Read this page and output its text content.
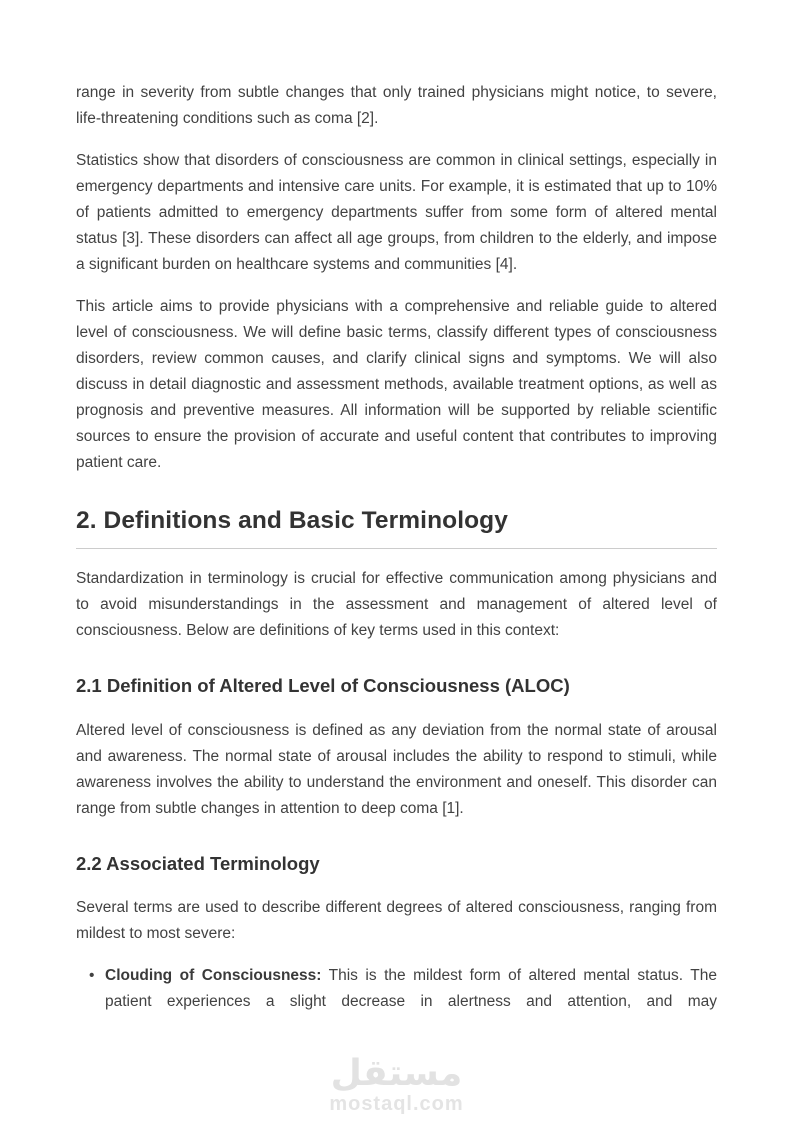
range in severity from subtle changes that only trained physicians might notice, to severe, life-threatening conditions such as coma [2].

Statistics show that disorders of consciousness are common in clinical settings, especially in emergency departments and intensive care units. For example, it is estimated that up to 10% of patients admitted to emergency departments suffer from some form of altered mental status [3]. These disorders can affect all age groups, from children to the elderly, and impose a significant burden on healthcare systems and communities [4].

This article aims to provide physicians with a comprehensive and reliable guide to altered level of consciousness. We will define basic terms, classify different types of consciousness disorders, review common causes, and clarify clinical signs and symptoms. We will also discuss in detail diagnostic and assessment methods, available treatment options, as well as prognosis and preventive measures. All information will be supported by reliable scientific sources to ensure the provision of accurate and useful content that contributes to improving patient care.

2. Definitions and Basic Terminology

Standardization in terminology is crucial for effective communication among physicians and to avoid misunderstandings in the assessment and management of altered level of consciousness. Below are definitions of key terms used in this context:

2.1 Definition of Altered Level of Consciousness (ALOC)

Altered level of consciousness is defined as any deviation from the normal state of arousal and awareness. The normal state of arousal includes the ability to respond to stimuli, while awareness involves the ability to understand the environment and oneself. This disorder can range from subtle changes in attention to deep coma [1].

2.2 Associated Terminology

Several terms are used to describe different degrees of altered consciousness, ranging from mildest to most severe:

• Clouding of Consciousness: This is the mildest form of altered mental status. The patient experiences a slight decrease in alertness and attention, and may

مستقل
mostaql.com
